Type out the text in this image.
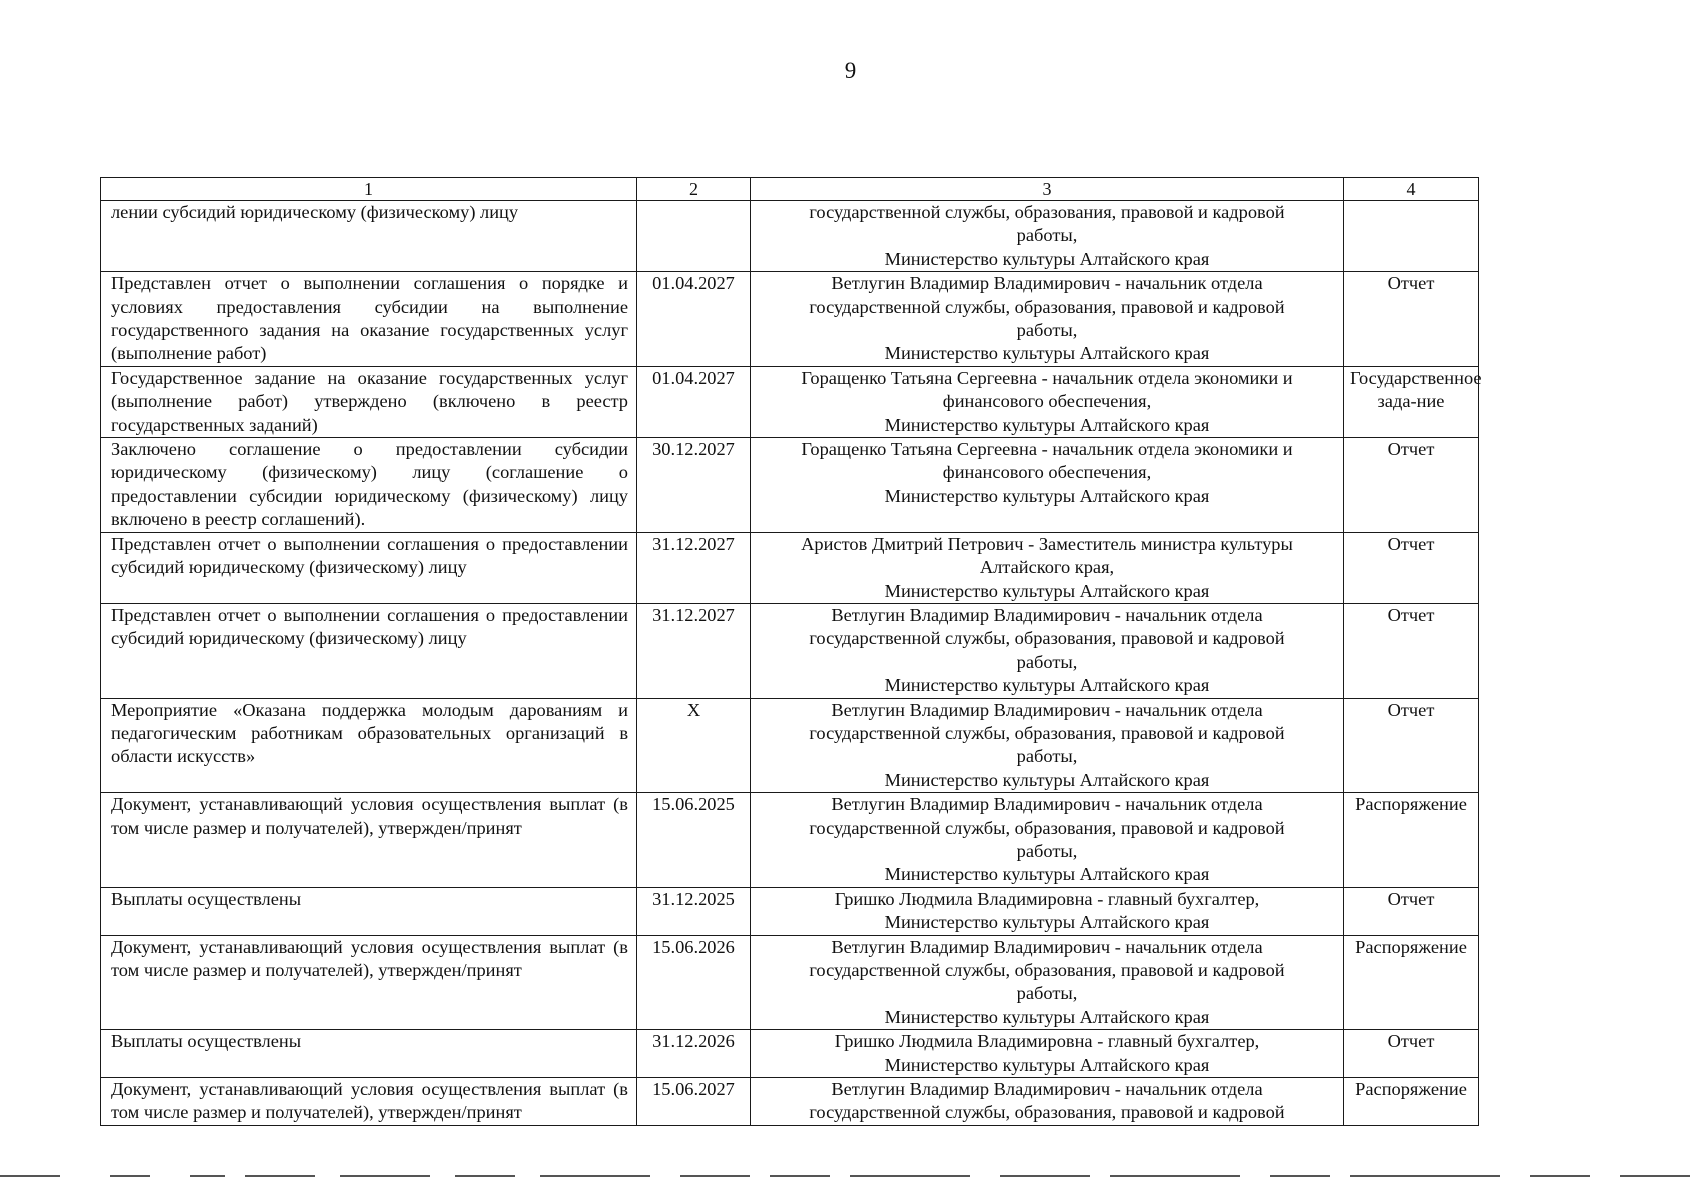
9
1	2	3	4
лении субсидий юридическому (физическому) лицу		государственной службы, образования, правовой и кадровой
работы,
Министерство культуры Алтайского края	

Представлен отчет о выполнении соглашения о порядке и условиях предоставления субсидии на выполнение государственного задания на оказание государственных услуг (выполнение работ)	01.04.2027	Ветлугин Владимир Владимирович - начальник отдела
государственной службы, образования, правовой и кадровой
работы,
Министерство культуры Алтайского края	Отчет
Государственное задание на оказание государственных услуг (выполнение работ) утверждено (включено в реестр государственных заданий)	01.04.2027	Горащенко Татьяна Сергеевна - начальник отдела экономики и
финансового обеспечения,
Министерство культуры Алтайского края	Государственное зада-ние
Заключено соглашение о предоставлении субсидии юридическому (физическому) лицу (соглашение о предоставлении субсидии юридическому (физическому) лицу включено в реестр соглашений).	30.12.2027	Горащенко Татьяна Сергеевна - начальник отдела экономики и
финансового обеспечения,
Министерство культуры Алтайского края	Отчет
Представлен отчет о выполнении соглашения о предоставлении субсидий юридическому (физическому) лицу	31.12.2027	Аристов Дмитрий Петрович - Заместитель министра культуры
Алтайского края,
Министерство культуры Алтайского края	Отчет
Представлен отчет о выполнении соглашения о предоставлении субсидий юридическому (физическому) лицу	31.12.2027	Ветлугин Владимир Владимирович - начальник отдела
государственной службы, образования, правовой и кадровой
работы,
Министерство культуры Алтайского края	Отчет
Мероприятие «Оказана поддержка молодым дарованиям и педагогическим работникам образовательных организаций в области искусств»	X	Ветлугин Владимир Владимирович - начальник отдела
государственной службы, образования, правовой и кадровой
работы,
Министерство культуры Алтайского края	Отчет
Документ, устанавливающий условия осуществления выплат (в том числе размер и получателей), утвержден/принят	15.06.2025	Ветлугин Владимир Владимирович - начальник отдела
государственной службы, образования, правовой и кадровой
работы,
Министерство культуры Алтайского края	Распоряжение
Выплаты осуществлены	31.12.2025	Гришко Людмила Владимировна - главный бухгалтер,
Министерство культуры Алтайского края	Отчет
Документ, устанавливающий условия осуществления выплат (в том числе размер и получателей), утвержден/принят	15.06.2026	Ветлугин Владимир Владимирович - начальник отдела
государственной службы, образования, правовой и кадровой
работы,
Министерство культуры Алтайского края	Распоряжение
Выплаты осуществлены	31.12.2026	Гришко Людмила Владимировна - главный бухгалтер,
Министерство культуры Алтайского края	Отчет
Документ, устанавливающий условия осуществления выплат (в том числе размер и получателей), утвержден/принят	15.06.2027	Ветлугин Владимир Владимирович - начальник отдела
государственной службы, образования, правовой и кадровой	Распоряжение
